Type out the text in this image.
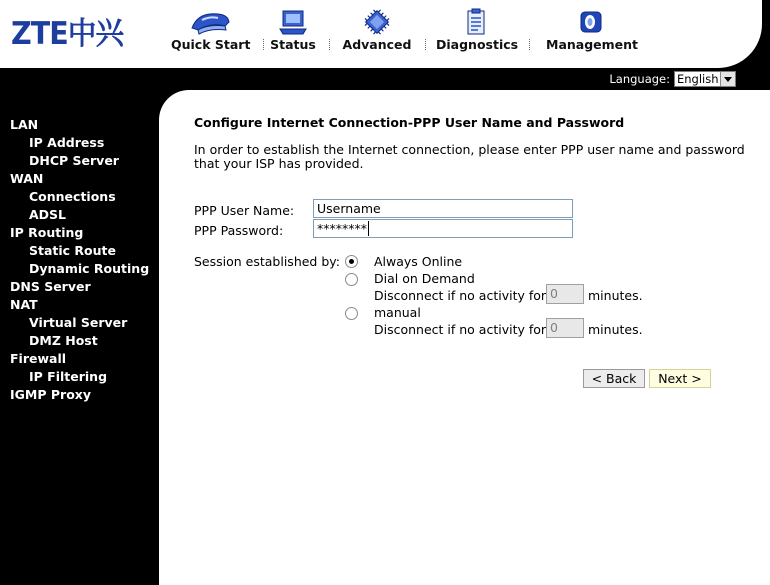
ZTE中兴	Quick Start Status Advanced Diagnostics Management
Language: English
LAN
IP Address
DHCP Server
WAN
Connections
ADSL
IP Routing
Static Route
Dynamic Routing
DNS Server
NAT
Virtual Server
DMZ Host
Firewall
IP Filtering
IGMP Proxy
Configure Internet Connection-PPP User Name and Password
In order to establish the Internet connection, please enter PPP user name and password that your ISP has provided.
PPP User Name:	Username
PPP Password:	********
Session established by:	Always Online
Dial on Demand
Disconnect if no activity for 0	minutes.
manual
Disconnect if no activity for 0	minutes.
< Back	Next >
